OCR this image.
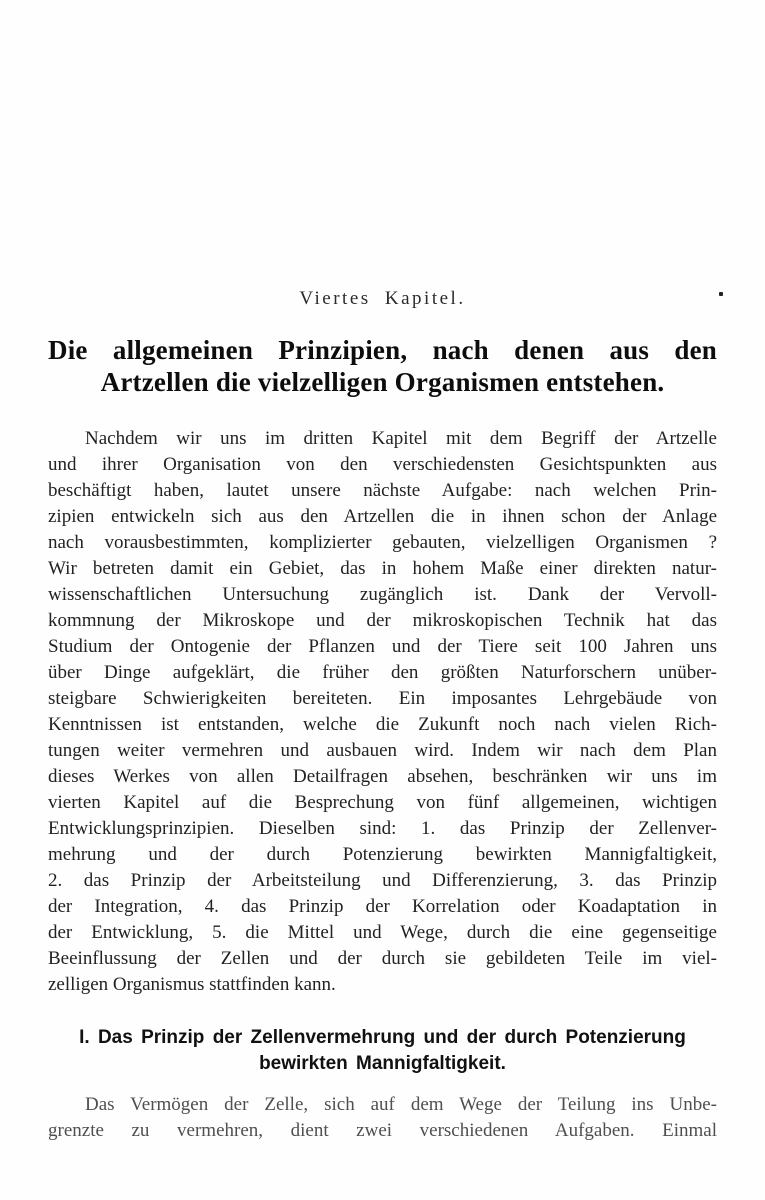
Viertes Kapitel.
Die allgemeinen Prinzipien, nach denen aus den
Artzellen die vielzelligen Organismen entstehen.
Nachdem wir uns im dritten Kapitel mit dem Begriff der Artzelle
und ihrer Organisation von den verschiedensten Gesichtspunkten aus
beschäftigt haben, lautet unsere nächste Aufgabe: nach welchen Prin-
zipien entwickeln sich aus den Artzellen die in ihnen schon der Anlage
nach vorausbestimmten, komplizierter gebauten, vielzelligen Organismen ?
Wir betreten damit ein Gebiet, das in hohem Maße einer direkten natur-
wissenschaftlichen Untersuchung zugänglich ist. Dank der Vervoll-
kommnung der Mikroskope und der mikroskopischen Technik hat das
Studium der Ontogenie der Pflanzen und der Tiere seit 100 Jahren uns
über Dinge aufgeklärt, die früher den größten Naturforschern unüber-
steigbare Schwierigkeiten bereiteten. Ein imposantes Lehrgebäude von
Kenntnissen ist entstanden, welche die Zukunft noch nach vielen Rich-
tungen weiter vermehren und ausbauen wird. Indem wir nach dem Plan
dieses Werkes von allen Detailfragen absehen, beschränken wir uns im
vierten Kapitel auf die Besprechung von fünf allgemeinen, wichtigen
Entwicklungsprinzipien. Dieselben sind: 1. das Prinzip der Zellenver-
mehrung und der durch Potenzierung bewirkten Mannigfaltigkeit,
2. das Prinzip der Arbeitsteilung und Differenzierung, 3. das Prinzip
der Integration, 4. das Prinzip der Korrelation oder Koadaptation in
der Entwicklung, 5. die Mittel und Wege, durch die eine gegenseitige
Beeinflussung der Zellen und der durch sie gebildeten Teile im viel-
zelligen Organismus stattfinden kann.
I. Das Prinzip der Zellenvermehrung und der durch Potenzierung
bewirkten Mannigfaltigkeit.
Das Vermögen der Zelle, sich auf dem Wege der Teilung ins Unbe-
grenzte zu vermehren, dient zwei verschiedenen Aufgaben. Einmal
